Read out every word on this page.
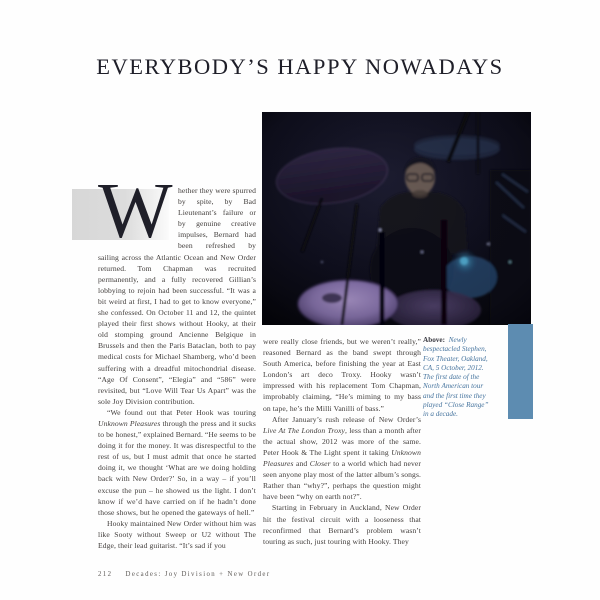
EVERYBODY’S HAPPY NOWADAYS
W hether they were spurred by spite, by Bad Lieutenant’s failure or by genuine creative impulses, Bernard had been refreshed by sailing across the Atlantic Ocean and New Order returned. Tom Chapman was recruited permanently, and a fully recovered Gillian’s lobbying to rejoin had been successful. “It was a bit weird at first, I had to get to know everyone,” she confessed. On October 11 and 12, the quintet played their first shows without Hooky, at their old stomping ground Ancienne Belgique in Brussels and then the Paris Bataclan, both to pay medical costs for Michael Shamberg, who’d been suffering with a dreadful mitochondrial disease. “Age Of Consent”, “Elegia” and “586” were revisited, but “Love Will Tear Us Apart” was the sole Joy Division contribution.

“We found out that Peter Hook was touring Unknown Pleasures through the press and it sucks to be honest,” explained Bernard. “He seems to be doing it for the money. It was disrespectful to the rest of us, but I must admit that once he started doing it, we thought ‘What are we doing holding back with New Order?’ So, in a way – if you’ll excuse the pun – he showed us the light. I don’t know if we’d have carried on if he hadn’t done those shows, but he opened the gateways of hell.”

Hooky maintained New Order without him was like Sooty without Sweep or U2 without The Edge, their lead guitarist. “It’s sad if you

were really close friends, but we weren’t really,” reasoned Bernard as the band swept through South America, before finishing the year at East London’s art deco Troxy. Hooky wasn’t impressed with his replacement Tom Chapman, improbably claiming, “He’s miming to my bass on tape, he’s the Milli Vanilli of bass.”

After January’s rush release of New Order’s Live At The London Troxy, less than a month after the actual show, 2012 was more of the same. Peter Hook & The Light spent it taking Unknown Pleasures and Closer to a world which had never seen anyone play most of the latter album’s songs. Rather than “why?”, perhaps the question might have been “why on earth not?”.

Starting in February in Auckland, New Order hit the festival circuit with a looseness that reconfirmed that Bernard’s problem wasn’t touring as such, just touring with Hooky. They

Above: Newly bespectacled Stephen, Fox Theater, Oakland, CA, 5 October, 2012. The first date of the North American tour and the first time they played “Close Range” in a decade.
212 Decades: Joy Division + New Order
